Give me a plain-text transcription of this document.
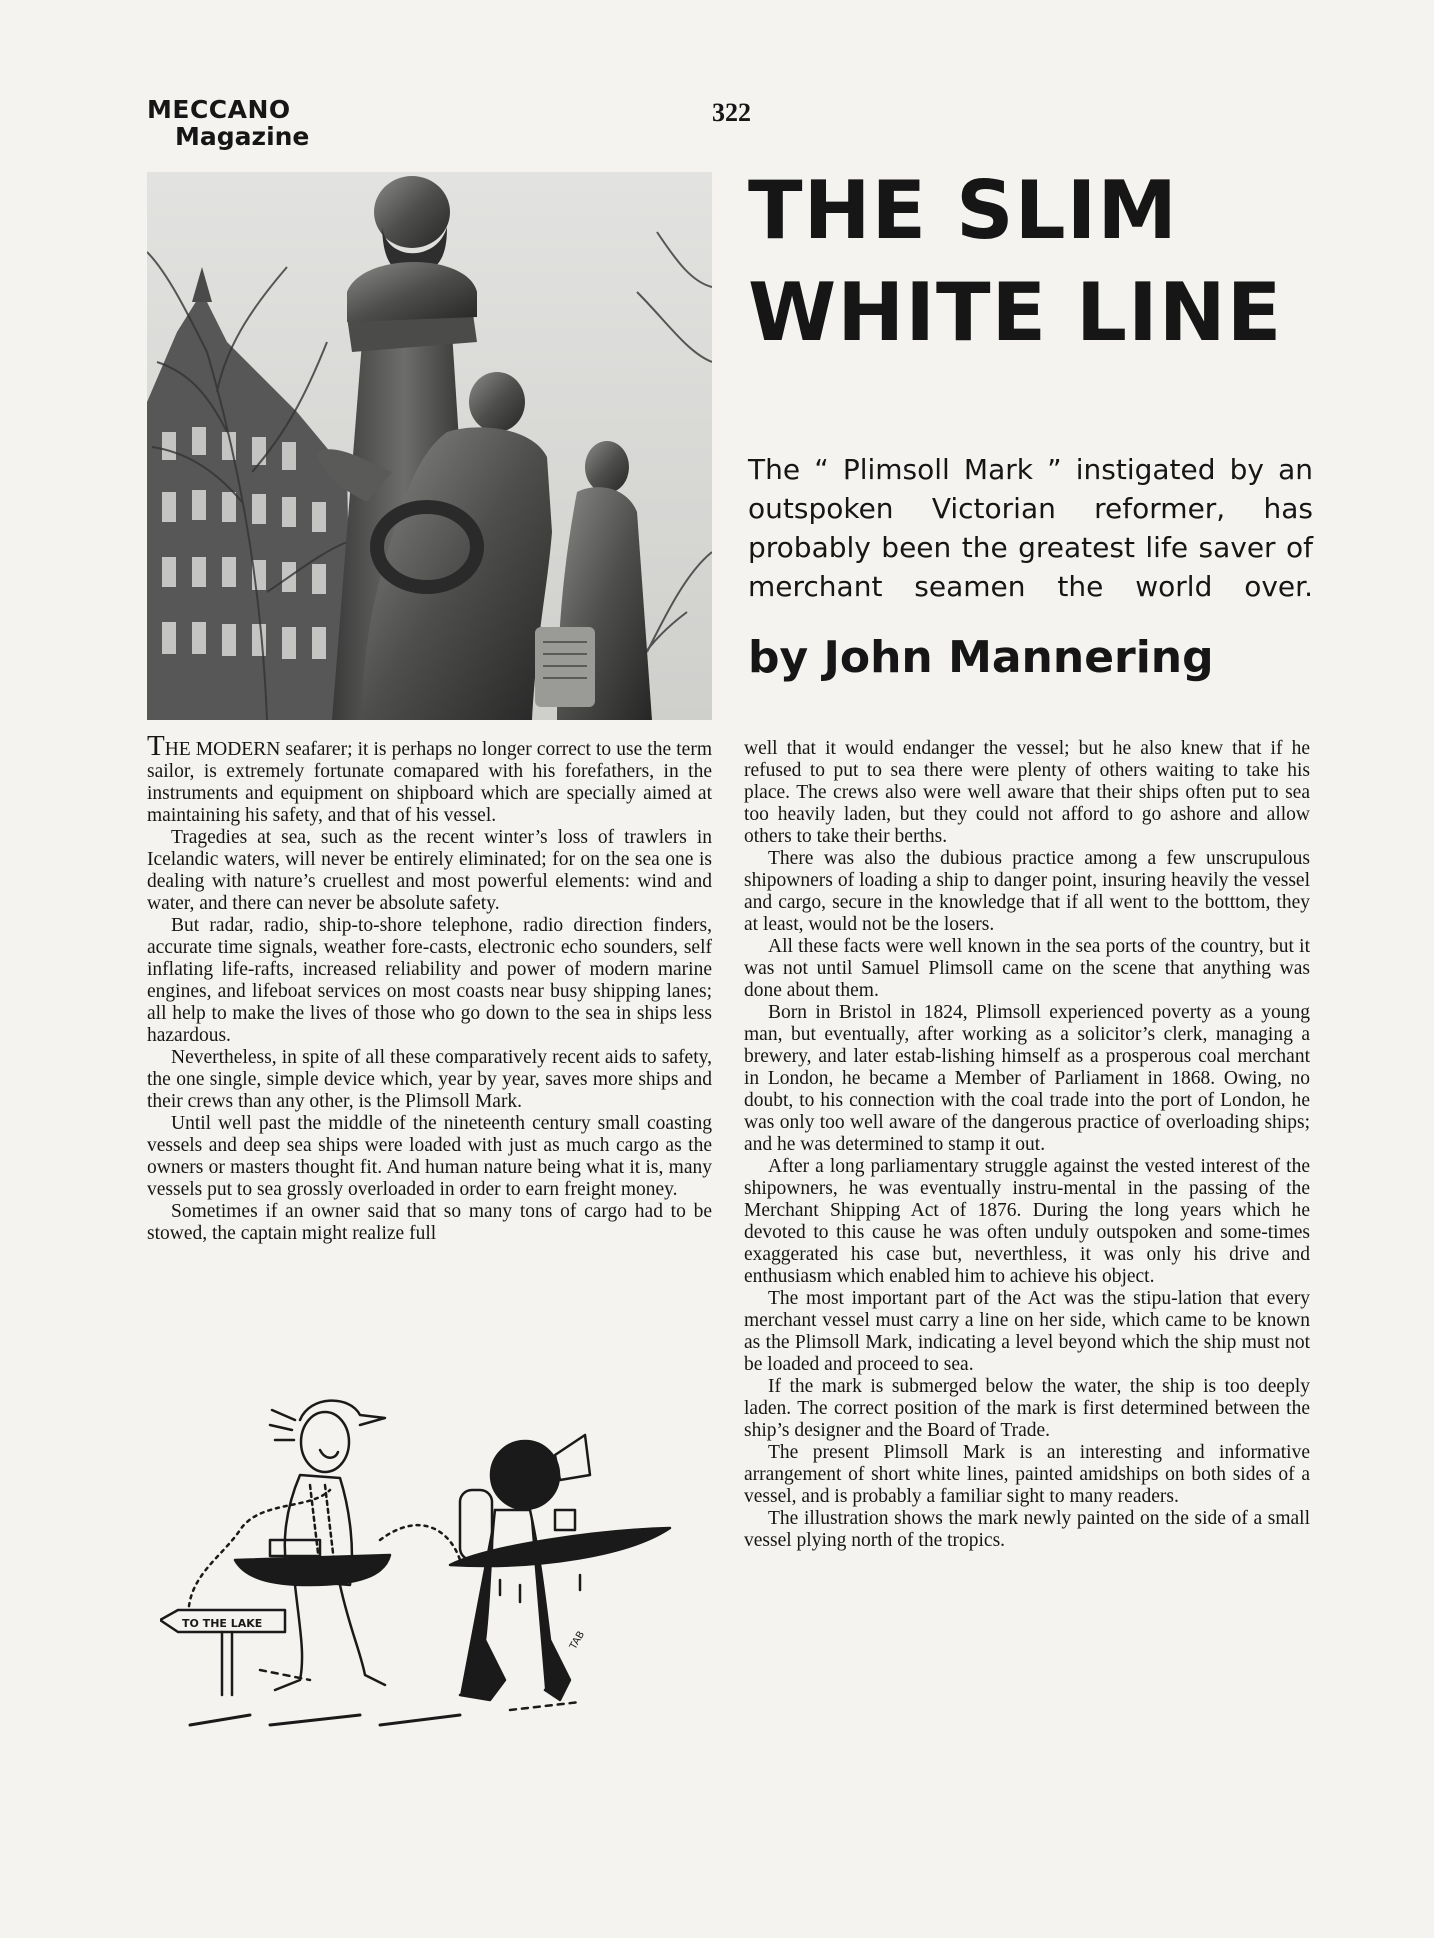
MECCANO
Magazine
322
THE SLIM
WHITE LINE

The “ Plimsoll Mark ” instigated by an outspoken Victorian reformer, has probably been the greatest life saver of merchant seamen the world over.

by John Mannering

THE MODERN seafarer; it is perhaps no longer correct to use the term sailor, is extremely fortunate comapared with his forefathers, in the instruments and equipment on shipboard which are specially aimed at maintaining his safety, and that of his vessel.

Tragedies at sea, such as the recent winter’s loss of trawlers in Icelandic waters, will never be entirely eliminated; for on the sea one is dealing with nature’s cruellest and most powerful elements: wind and water, and there can never be absolute safety.

But radar, radio, ship-to-shore telephone, radio direction finders, accurate time signals, weather fore-casts, electronic echo sounders, self inflating life-rafts, increased reliability and power of modern marine engines, and lifeboat services on most coasts near busy shipping lanes; all help to make the lives of those who go down to the sea in ships less hazardous.

Nevertheless, in spite of all these comparatively recent aids to safety, the one single, simple device which, year by year, saves more ships and their crews than any other, is the Plimsoll Mark.

Until well past the middle of the nineteenth century small coasting vessels and deep sea ships were loaded with just as much cargo as the owners or masters thought fit. And human nature being what it is, many vessels put to sea grossly overloaded in order to earn freight money.

Sometimes if an owner said that so many tons of cargo had to be stowed, the captain might realize full

well that it would endanger the vessel; but he also knew that if he refused to put to sea there were plenty of others waiting to take his place. The crews also were well aware that their ships often put to sea too heavily laden, but they could not afford to go ashore and allow others to take their berths.

There was also the dubious practice among a few unscrupulous shipowners of loading a ship to danger point, insuring heavily the vessel and cargo, secure in the knowledge that if all went to the botttom, they at least, would not be the losers.

All these facts were well known in the sea ports of the country, but it was not until Samuel Plimsoll came on the scene that anything was done about them.

Born in Bristol in 1824, Plimsoll experienced poverty as a young man, but eventually, after working as a solicitor’s clerk, managing a brewery, and later estab-lishing himself as a prosperous coal merchant in London, he became a Member of Parliament in 1868. Owing, no doubt, to his connection with the coal trade into the port of London, he was only too well aware of the dangerous practice of overloading ships; and he was determined to stamp it out.

After a long parliamentary struggle against the vested interest of the shipowners, he was eventually instru-mental in the passing of the Merchant Shipping Act of 1876. During the long years which he devoted to this cause he was often unduly outspoken and some-times exaggerated his case but, neverthless, it was only his drive and enthusiasm which enabled him to achieve his object.

The most important part of the Act was the stipu-lation that every merchant vessel must carry a line on her side, which came to be known as the Plimsoll Mark, indicating a level beyond which the ship must not be loaded and proceed to sea.

If the mark is submerged below the water, the ship is too deeply laden. The correct position of the mark is first determined between the ship’s designer and the Board of Trade.

The present Plimsoll Mark is an interesting and informative arrangement of short white lines, painted amidships on both sides of a vessel, and is probably a familiar sight to many readers.

The illustration shows the mark newly painted on the side of a small vessel plying north of the tropics.

TO THE LAKE
TAB
